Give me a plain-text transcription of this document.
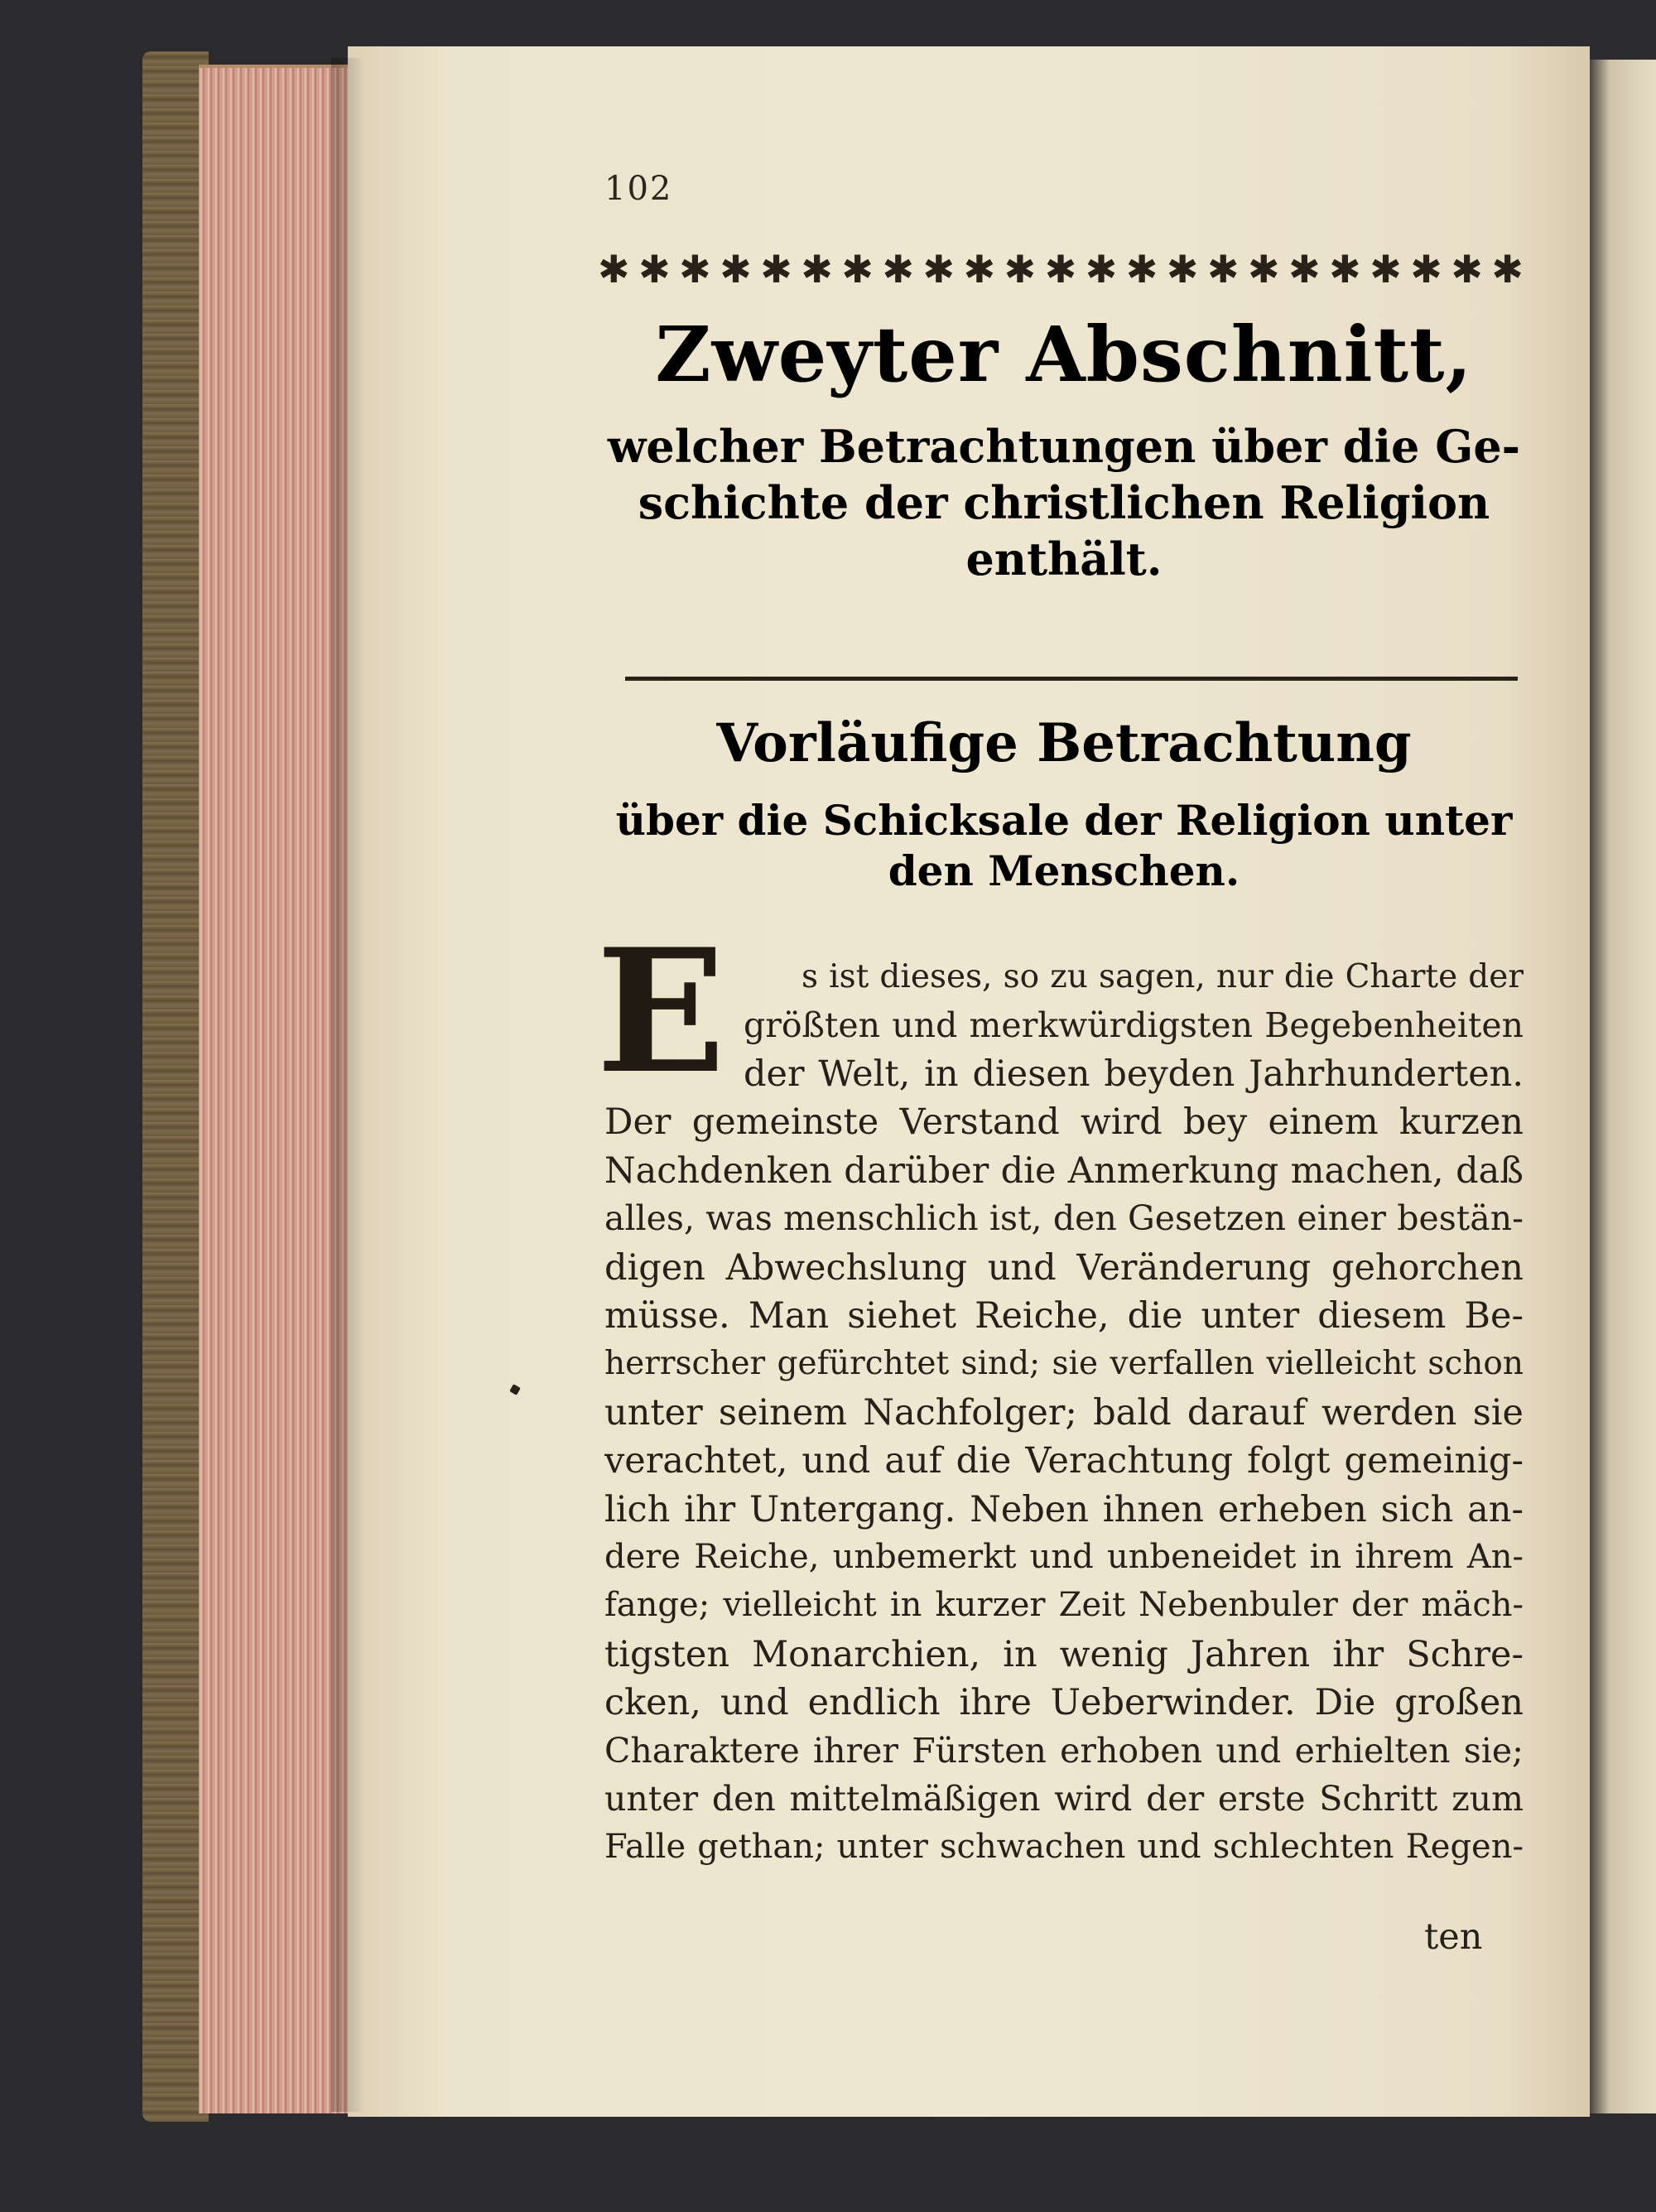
102
✱ ✱ ✱ ✱ ✱ ✱ ✱ ✱ ✱ ✱ ✱ ✱ ✱ ✱ ✱ ✱ ✱ ✱ ✱ ✱ ✱ ✱ ✱
Zweyter Abschnitt,
welcher Betrachtungen über die Ge-
schichte der christlichen Religion
enthält.
Vorläufige Betrachtung
über die Schicksale der Religion unter
den Menschen.
E s ist dieses, so zu sagen, nur die Charte der
größten und merkwürdigsten Begebenheiten
der Welt, in diesen beyden Jahrhunderten.
Der gemeinste Verstand wird bey einem kurzen
Nachdenken darüber die Anmerkung machen, daß
alles, was menschlich ist, den Gesetzen einer bestän-
digen Abwechslung und Veränderung gehorchen
müsse. Man siehet Reiche, die unter diesem Be-
herrscher gefürchtet sind; sie verfallen vielleicht schon
unter seinem Nachfolger; bald darauf werden sie
verachtet, und auf die Verachtung folgt gemeinig-
lich ihr Untergang. Neben ihnen erheben sich an-
dere Reiche, unbemerkt und unbeneidet in ihrem An-
fange; vielleicht in kurzer Zeit Nebenbuler der mäch-
tigsten Monarchien, in wenig Jahren ihr Schre-
cken, und endlich ihre Ueberwinder. Die großen
Charaktere ihrer Fürsten erhoben und erhielten sie;
unter den mittelmäßigen wird der erste Schritt zum
Falle gethan; unter schwachen und schlechten Regen-
ten
